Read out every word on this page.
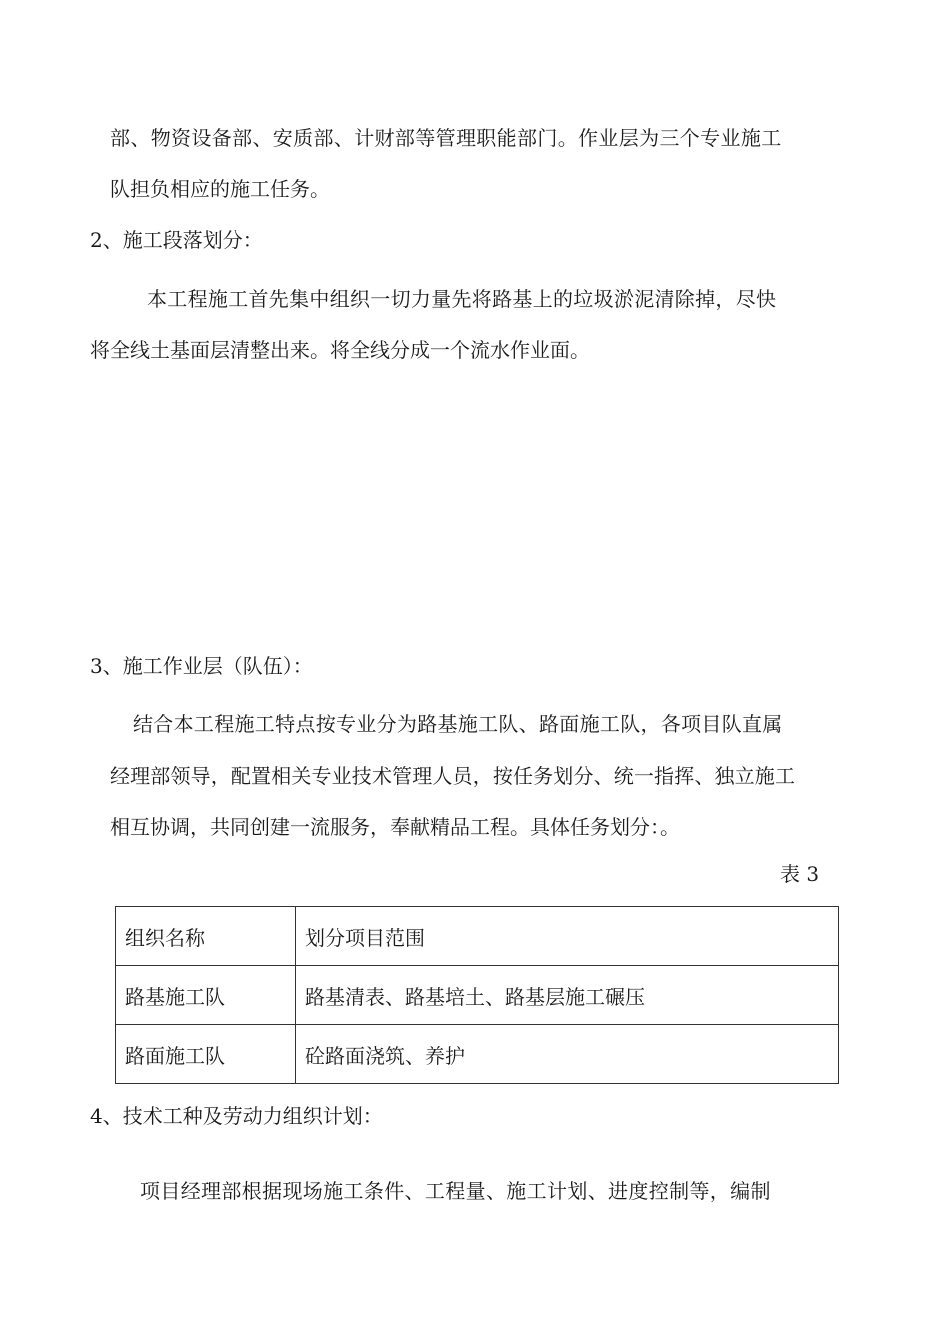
部、物资设备部、安质部、计财部等管理职能部门。作业层为三个专业施工
队担负相应的施工任务。
2、施工段落划分：
本工程施工首先集中组织一切力量先将路基上的垃圾淤泥清除掉，尽快
将全线土基面层清整出来。将全线分成一个流水作业面。
3、施工作业层（队伍）：
结合本工程施工特点按专业分为路基施工队、路面施工队，各项目队直属
经理部领导，配置相关专业技术管理人员，按任务划分、统一指挥、独立施工
相互协调，共同创建一流服务，奉献精品工程。具体任务划分：。
表 3
组织名称	划分项目范围
路基施工队	路基清表、路基培土、路基层施工碾压
路面施工队	砼路面浇筑、养护
4、技术工种及劳动力组织计划：
项目经理部根据现场施工条件、工程量、施工计划、进度控制等，编制
